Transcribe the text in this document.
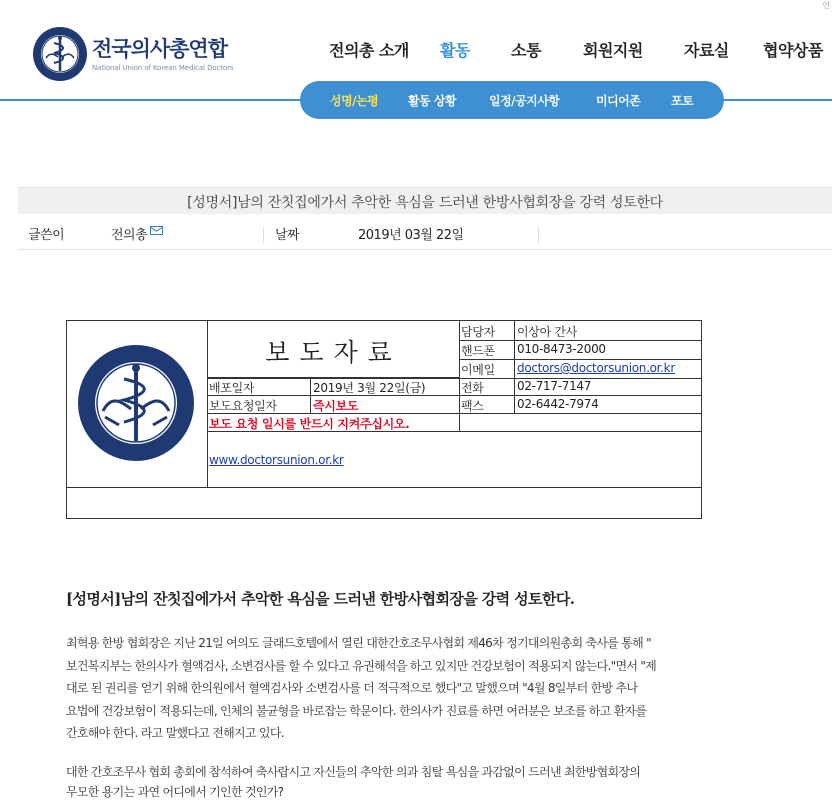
언
전국의사총연합
National Union of Korean Medical Doctors
전의총 소개 활동	소통	회원지원	자료실 협약상품
성명/논평 활동 상황	일정/공지사항	미디어존	포토
[성명서]남의 잔칫집에가서 추악한 욕심을 드러낸 한방사협회장을 강력 성토한다
글쓴이	전의총	날짜	2019년 03월 22일
보도자료
담당자 이상아 간사
핸드폰 010-8473-2000
이메일 doctors@doctorsunion.or.kr
배포일자	2019년 3월 22일(금)	전화	02-717-7147
보도요청일자	즉시보도	팩스	02-6442-7974
보도 요청 일시를 반드시 지켜주십시오.
www.doctorsunion.or.kr
[성명서]남의 잔칫집에가서 추악한 욕심을 드러낸 한방사협회장을 강력 성토한다.
최혁용 한방 협회장은 지난 21일 여의도 글래드호텔에서 열린 대한간호조무사협회 제46차 정기대의원총회 축사를 통해 "
보건복지부는 한의사가 혈액검사, 소변검사를 할 수 있다고 유권해석을 하고 있지만 건강보험이 적용되지 않는다."면서 "제
대로 된 권리를 얻기 위해 한의원에서 혈액검사와 소변검사를 더 적극적으로 했다"고 말했으며 "4월 8일부터 한방 추나
요법에 건강보험이 적용되는데, 인체의 불균형을 바로잡는 학문이다. 한의사가 진료를 하면 여러분은 보조를 하고 환자를
간호해야 한다. 라고 말했다고 전해지고 있다.
대한 간호조무사 협회 총회에 참석하여 축사랍시고 자신들의 추악한 의과 침탈 욕심을 과감없이 드러낸 최한방협회장의
무모한 용기는 과연 어디에서 기인한 것인가?
